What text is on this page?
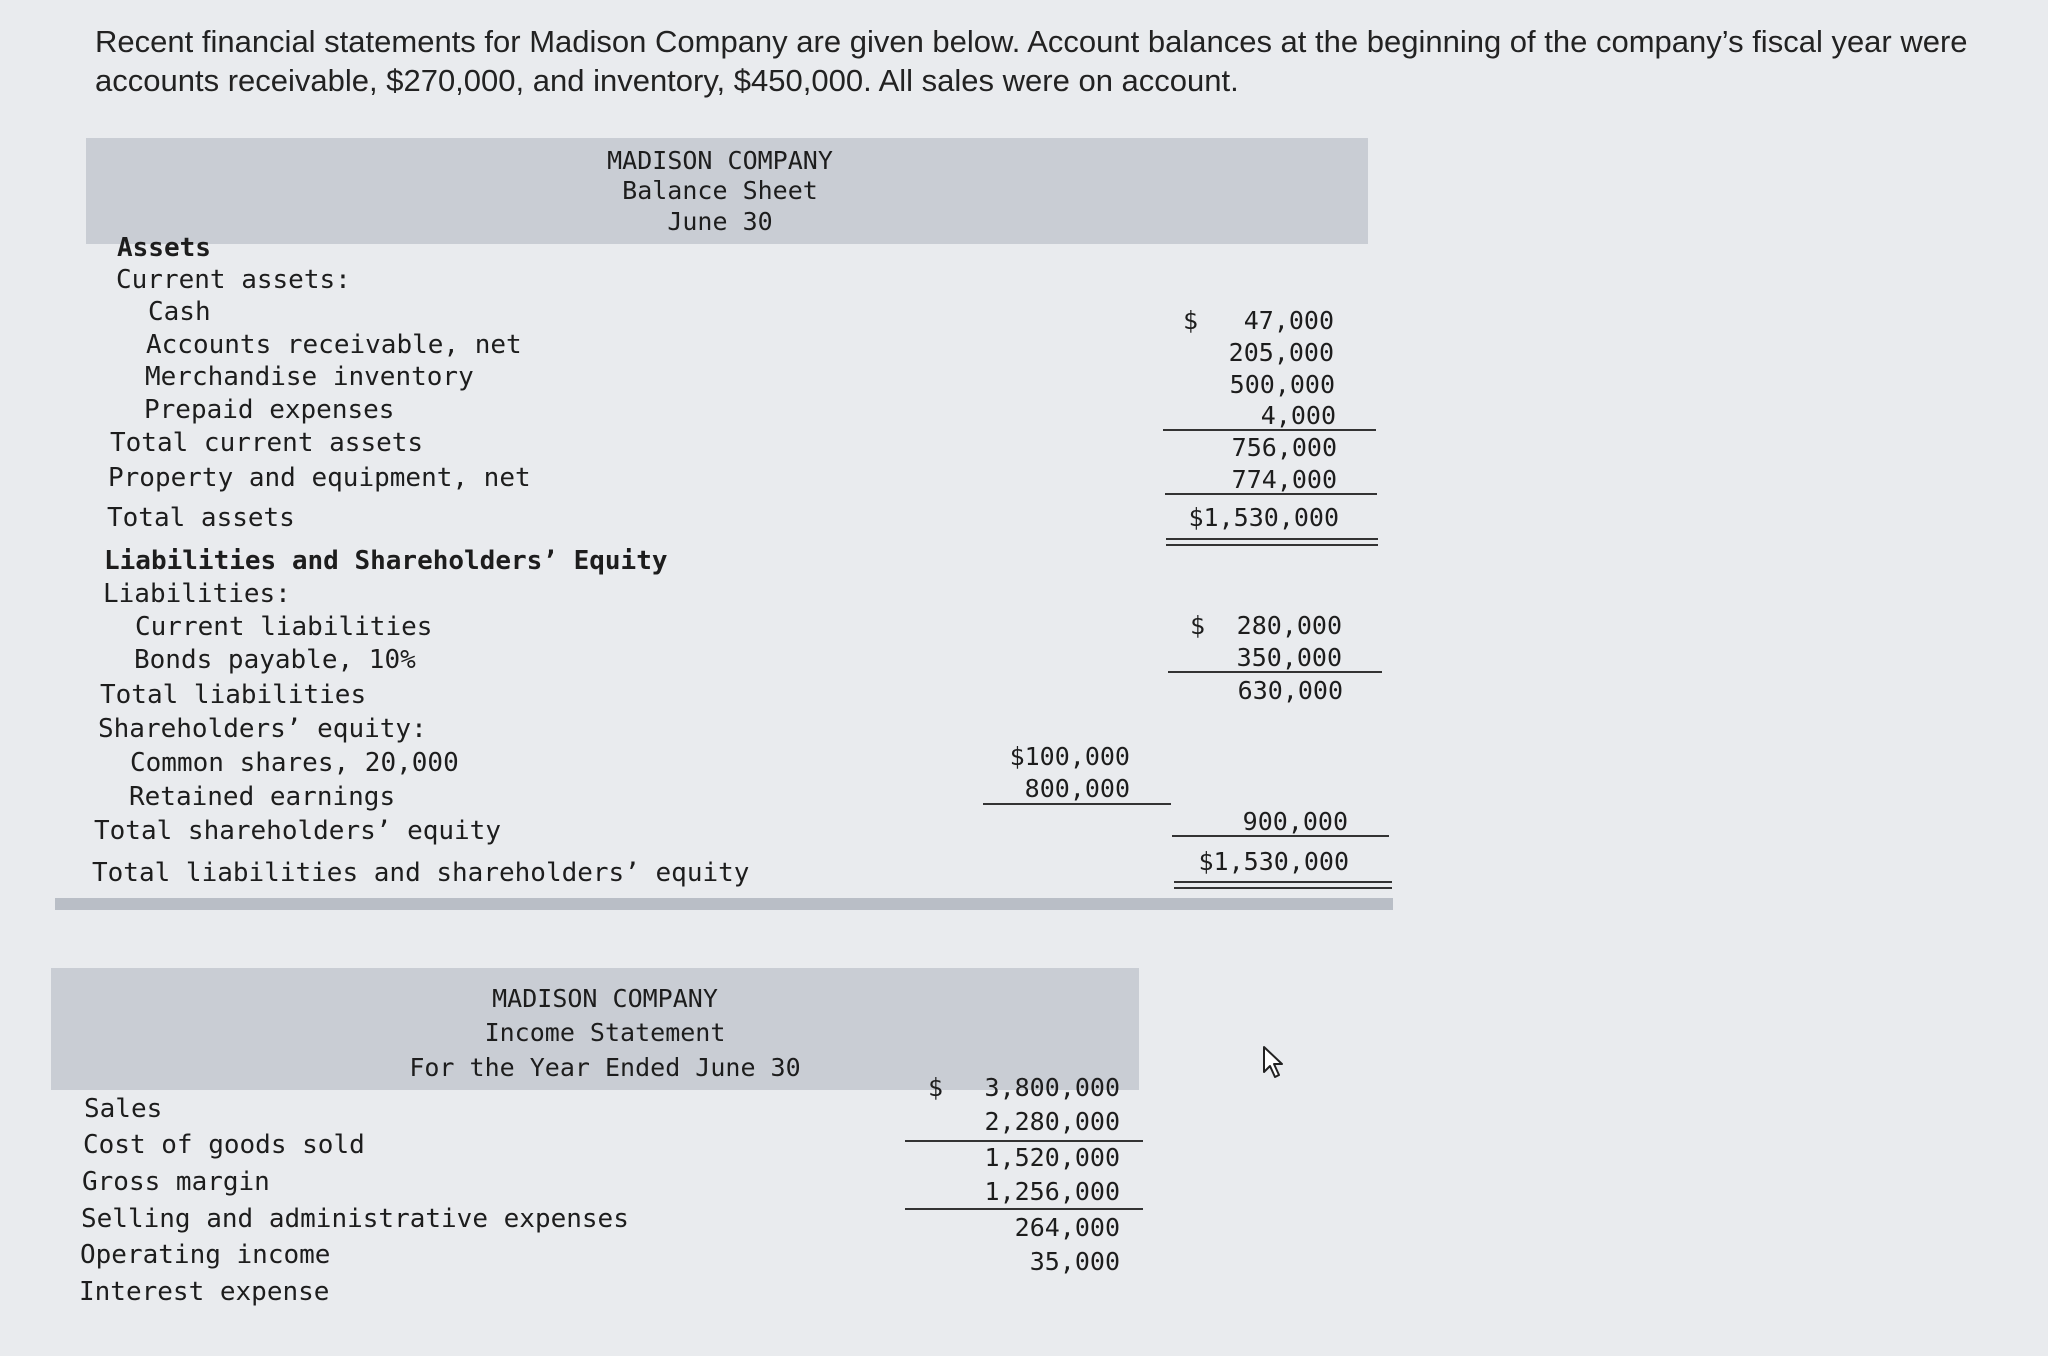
Recent financial statements for Madison Company are given below. Account balances at the beginning of the company’s fiscal year were accounts receivable, $270,000, and inventory, $450,000. All sales were on account.
MADISON COMPANY
Balance Sheet
June 30
Assets
Current assets:
Cash
Accounts receivable, net
Merchandise inventory
Prepaid expenses
Total current assets
Property and equipment, net
Total assets
$ 47,000
205,000
500,000
4,000
756,000
774,000
$1,530,000
Liabilities and Shareholders’ Equity
Liabilities:
Current liabilities
Bonds payable, 10%
Total liabilities
Shareholders’ equity:
Common shares, 20,000
Retained earnings
Total shareholders’ equity
Total liabilities and shareholders’ equity
$ 280,000
350,000
630,000
$100,000
800,000
900,000
$1,530,000
MADISON COMPANY
Income Statement
For the Year Ended June 30
Sales
Cost of goods sold
Gross margin
Selling and administrative expenses
Operating income
Interest expense
$ 3,800,000
2,280,000
1,520,000
1,256,000
264,000
35,000
